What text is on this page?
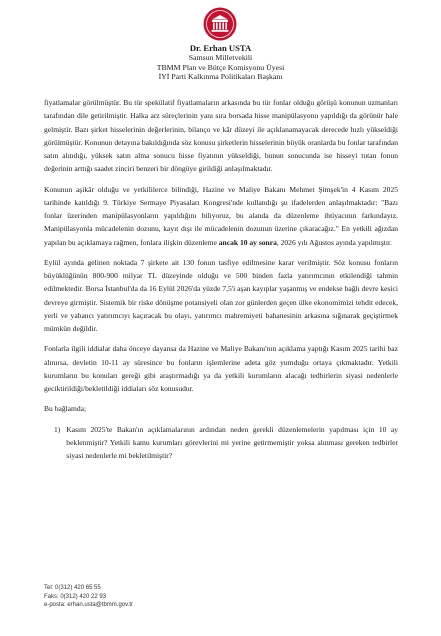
Dr. Erhan USTA
Samsun Milletvekili
TBMM Plan ve Bütçe Komisyonu Üyesi
İYİ Parti Kalkınma Politikaları Başkanı

fiyatlamalar görülmüştür. Bu tür spekülatif fiyatlamaların arkasında bu tür fonlar olduğu görüşü konunun uzmanları tarafından dile getirilmiştir. Halka arz süreçlerinin yanı sıra borsada hisse manipülasyonu yapıldığı da görünür hale gelmiştir. Bazı şirket hisselerinin değerlerinin, bilanço ve kâr düzeyi ile açıklanamayacak derecede hızlı yükseldiği görülmüştür. Konunun detayına bakıldığında söz konusu şirketlerin hisselerinin büyük oranlarda bu fonlar tarafından satın alındığı, yüksek satın alma sonucu hisse fiyatının yükseldiği, bunun sonucunda ise hisseyi tutan fonun değerinin arttığı saadet zinciri benzeri bir döngüye girildiği anlaşılmaktadır.

Konunun aşikâr olduğu ve yetkililerce bilindiği, Hazine ve Maliye Bakanı Mehmet Şimşek'in 4 Kasım 2025 tarihinde katıldığı 9. Türkiye Sermaye Piyasaları Kongresi'nde kullandığı şu ifadelerden anlaşılmaktadır: "Bazı fonlar üzerinden manipülasyonların yapıldığını biliyoruz, bu alanda da düzenleme ihtiyacının farkındayız. Manipülasyonla mücadelenin dozunu, kayıt dışı ile mücadelenin dozunun üzerine çıkaracağız." En yetkili ağızdan yapılan bu açıklamaya rağmen, fonlara ilişkin düzenleme ancak 10 ay sonra, 2026 yılı Ağustos ayında yapılmıştır.

Eylül ayında gelinen noktada 7 şirkete ait 130 fonun tasfiye edilmesine karar verilmiştir. Söz konusu fonların büyüklüğünün 800-900 milyar TL düzeyinde olduğu ve 500 binden fazla yatırımcının etkilendiği tahmin edilmektedir. Borsa İstanbul'da da 16 Eylül 2026'da yüzde 7,5'i aşan kayıplar yaşanmış ve endekse bağlı devre kesici devreye girmiştir. Sistemik bir riske dönüşme potansiyeli olan zor günlerden geçen ülke ekonomimizi tehdit edecek, yerli ve yabancı yatırımcıyı kaçıracak bu olayı, yatırımcı mahremiyeti bahanesinin arkasına sığınarak geçiştirmek mümkün değildir.

Fonlarla ilgili iddialar daha önceye dayansa da Hazine ve Maliye Bakanı'nın açıklama yaptığı Kasım 2025 tarihi baz alınırsa, devletin 10-11 ay süresince bu fonların işlemlerine adeta göz yumduğu ortaya çıkmaktadır. Yetkili kurumların bu konuları gereği gibi araştırmadığı ya da yetkili kurumların alacağı tedbirlerin siyasi nedenlerle geciktirildiği/bekletildiği iddiaları söz konusudur.

Bu bağlamda;

1) Kasım 2025'te Bakan'ın açıklamalarının ardından neden gerekli düzenlemelerin yapılması için 10 ay beklenmiştir? Yetkili kamu kurumları görevlerini mi yerine getirmemiştir yoksa alınması gereken tedbirler siyasi nedenlerle mi bekletilmiştir?
Tel: 0(312) 420 65 55
Faks: 0(312) 420 22 93
e-posta: erhan.usta@tbmm.gov.tr
